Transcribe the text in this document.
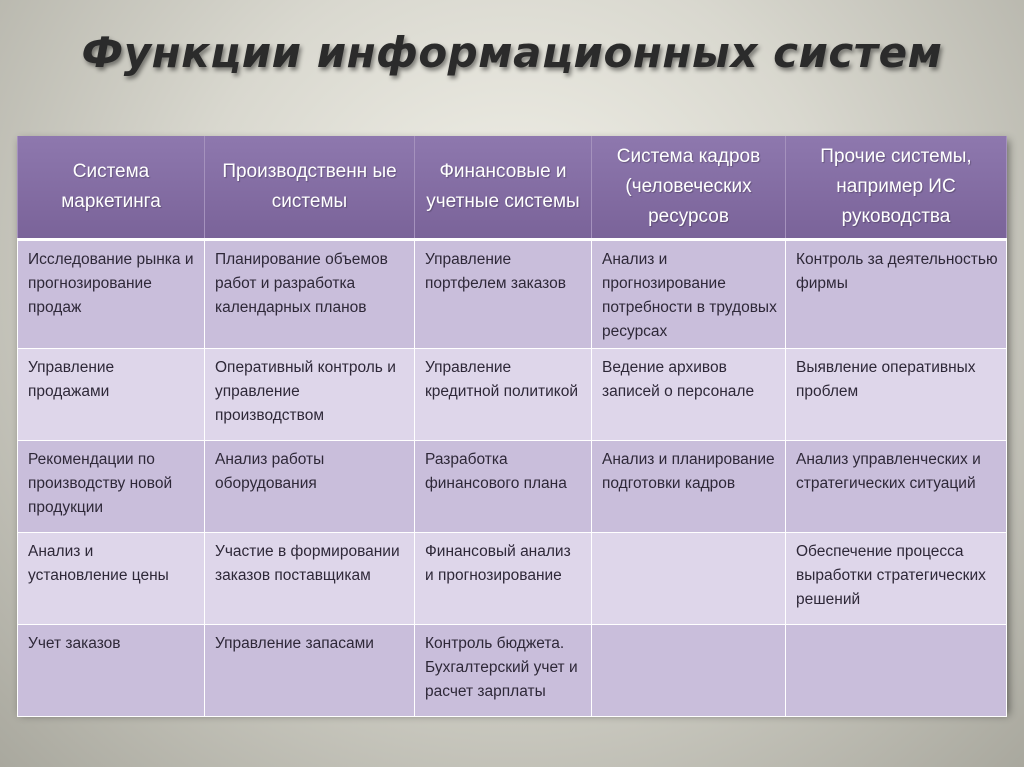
Функции информационных систем
Система маркетинга	Производственн ые системы	Финансовые и учетные системы	Система кадров (человеческих ресурсов	Прочие системы, например ИС руководства
Исследование рынка и прогнозирование продаж	Планирование объемов работ и разработка календарных планов	Управление портфелем заказов	Анализ и прогнозирование потребности в трудовых ресурсах	Контроль за деятельностью фирмы
Управление продажами	Оперативный контроль и управление производством	Управление кредитной политикой	Ведение архивов записей о персонале	Выявление оперативных проблем
Рекомендации по производству новой продукции	Анализ работы оборудования	Разработка финансового плана	Анализ и планирование подготовки кадров	Анализ управленческих и стратегических ситуаций
Анализ и установление цены	Участие в формировании заказов поставщикам	Финансовый анализ и прогнозирование		Обеспечение процесса выработки стратегических решений
Учет заказов	Управление запасами	Контроль бюджета. Бухгалтерский учет и расчет зарплаты		
